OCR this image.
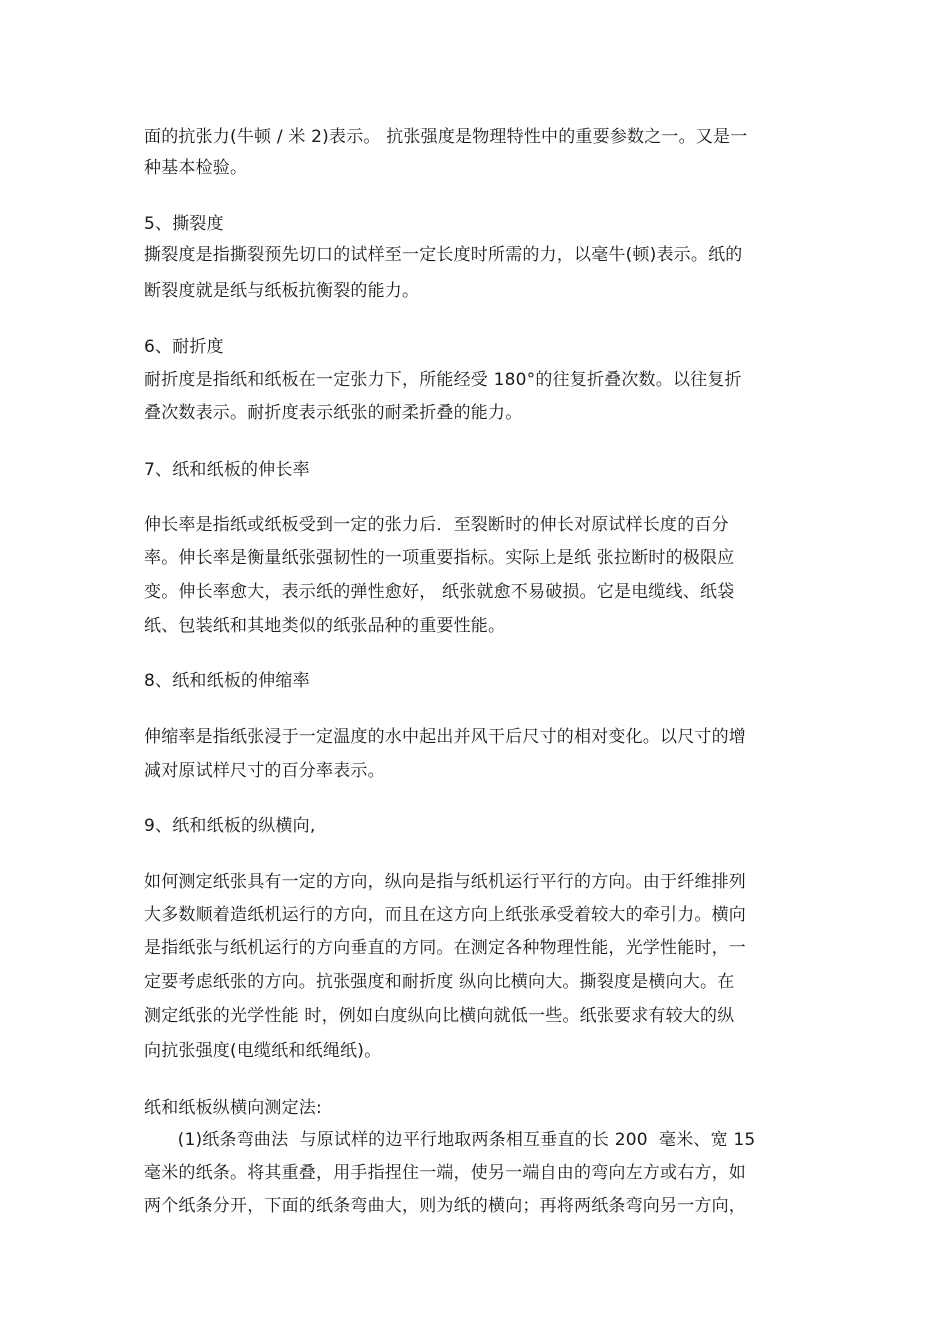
面的抗张力(牛顿 / 米 2)表示。 抗张强度是物理特性中的重要参数之一。又是一
种基本检验。
5、撕裂度
撕裂度是指撕裂预先切口的试样至一定长度时所需的力，以毫牛(顿)表示。纸的
断裂度就是纸与纸板抗衡裂的能力。
6、耐折度
耐折度是指纸和纸板在一定张力下，所能经受 180°的往复折叠次数。以往复折
叠次数表示。耐折度表示纸张的耐柔折叠的能力。
7、纸和纸板的伸长率
伸长率是指纸或纸板受到一定的张力后．至裂断时的伸长对原试样长度的百分
率。伸长率是衡量纸张强韧性的一项重要指标。实际上是纸 张拉断时的极限应
变。伸长率愈大，表示纸的弹性愈好， 纸张就愈不易破损。它是电缆线、纸袋
纸、包装纸和其地类似的纸张品种的重要性能。
8、纸和纸板的伸缩率
伸缩率是指纸张浸于一定温度的水中起出并风干后尺寸的相对变化。以尺寸的增
减对原试样尺寸的百分率表示。
9、纸和纸板的纵横向,
如何测定纸张具有一定的方向，纵向是指与纸机运行平行的方向。由于纤维排列
大多数顺着造纸机运行的方向，而且在这方向上纸张承受着较大的牵引力。横向
是指纸张与纸机运行的方向垂直的方同。在测定各种物理性能，光学性能时，一
定要考虑纸张的方向。抗张强度和耐折度 纵向比横向大。撕裂度是横向大。在
测定纸张的光学性能 时，例如白度纵向比横向就低一些。纸张要求有较大的纵
向抗张强度(电缆纸和纸绳纸)。
纸和纸板纵横向测定法:
(1)纸条弯曲法  与原试样的边平行地取两条相互垂直的长 200  毫米、宽 15
毫米的纸条。将其重叠，用手指捏住一端，使另一端自由的弯向左方或右方，如
两个纸条分开，下面的纸条弯曲大，则为纸的横向；再将两纸条弯向另一方向，
